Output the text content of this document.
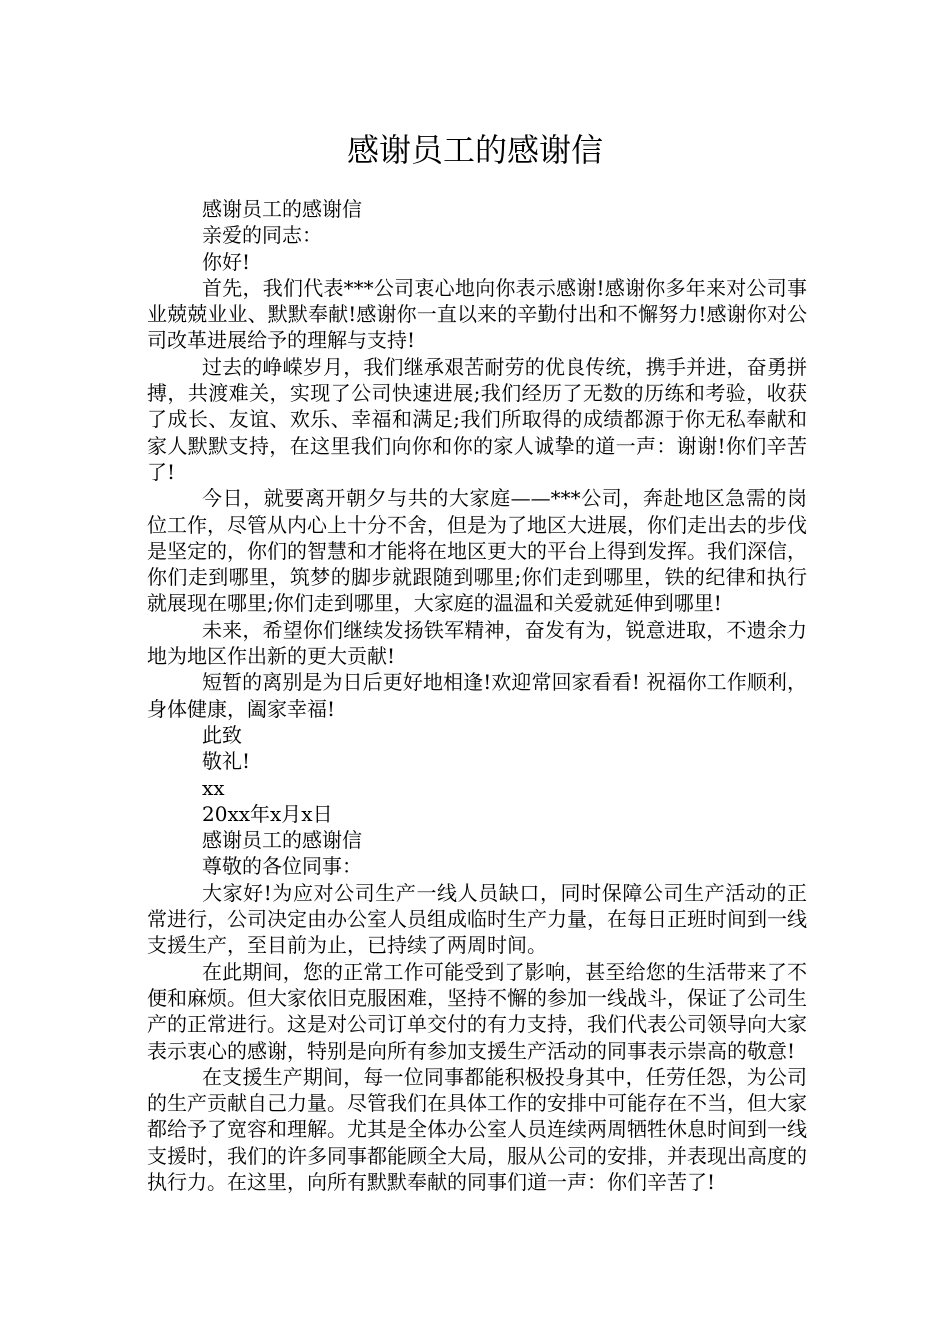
感谢员工的感谢信

感谢员工的感谢信

亲爱的同志：

你好!

首先，我们代表***公司衷心地向你表示感谢!感谢你多年来对公司事业兢兢业业、默默奉献!感谢你一直以来的辛勤付出和不懈努力!感谢你对公司改革进展给予的理解与支持!

过去的峥嵘岁月，我们继承艰苦耐劳的优良传统，携手并进，奋勇拼搏，共渡难关，实现了公司快速进展;我们经历了无数的历练和考验，收获了成长、友谊、欢乐、幸福和满足;我们所取得的成绩都源于你无私奉献和家人默默支持，在这里我们向你和你的家人诚挚的道一声：谢谢!你们辛苦了!

今日，就要离开朝夕与共的大家庭——***公司，奔赴地区急需的岗位工作，尽管从内心上十分不舍，但是为了地区大进展，你们走出去的步伐是坚定的，你们的智慧和才能将在地区更大的平台上得到发挥。我们深信，你们走到哪里，筑梦的脚步就跟随到哪里;你们走到哪里，铁的纪律和执行就展现在哪里;你们走到哪里，大家庭的温温和关爱就延伸到哪里!

未来，希望你们继续发扬铁军精神，奋发有为，锐意进取，不遗余力地为地区作出新的更大贡献!

短暂的离别是为日后更好地相逢!欢迎常回家看看! 祝福你工作顺利，身体健康，阖家幸福!

此致

敬礼!

xx

20xx年x月x日

感谢员工的感谢信

尊敬的各位同事：

大家好!为应对公司生产一线人员缺口，同时保障公司生产活动的正常进行，公司决定由办公室人员组成临时生产力量，在每日正班时间到一线支援生产，至目前为止，已持续了两周时间。

在此期间，您的正常工作可能受到了影响，甚至给您的生活带来了不便和麻烦。但大家依旧克服困难，坚持不懈的参加一线战斗，保证了公司生产的正常进行。这是对公司订单交付的有力支持，我们代表公司领导向大家表示衷心的感谢，特别是向所有参加支援生产活动的同事表示崇高的敬意!

在支援生产期间，每一位同事都能积极投身其中，任劳任怨，为公司的生产贡献自己力量。尽管我们在具体工作的安排中可能存在不当，但大家都给予了宽容和理解。尤其是全体办公室人员连续两周牺牲休息时间到一线支援时，我们的许多同事都能顾全大局，服从公司的安排，并表现出高度的执行力。在这里，向所有默默奉献的同事们道一声：你们辛苦了!
